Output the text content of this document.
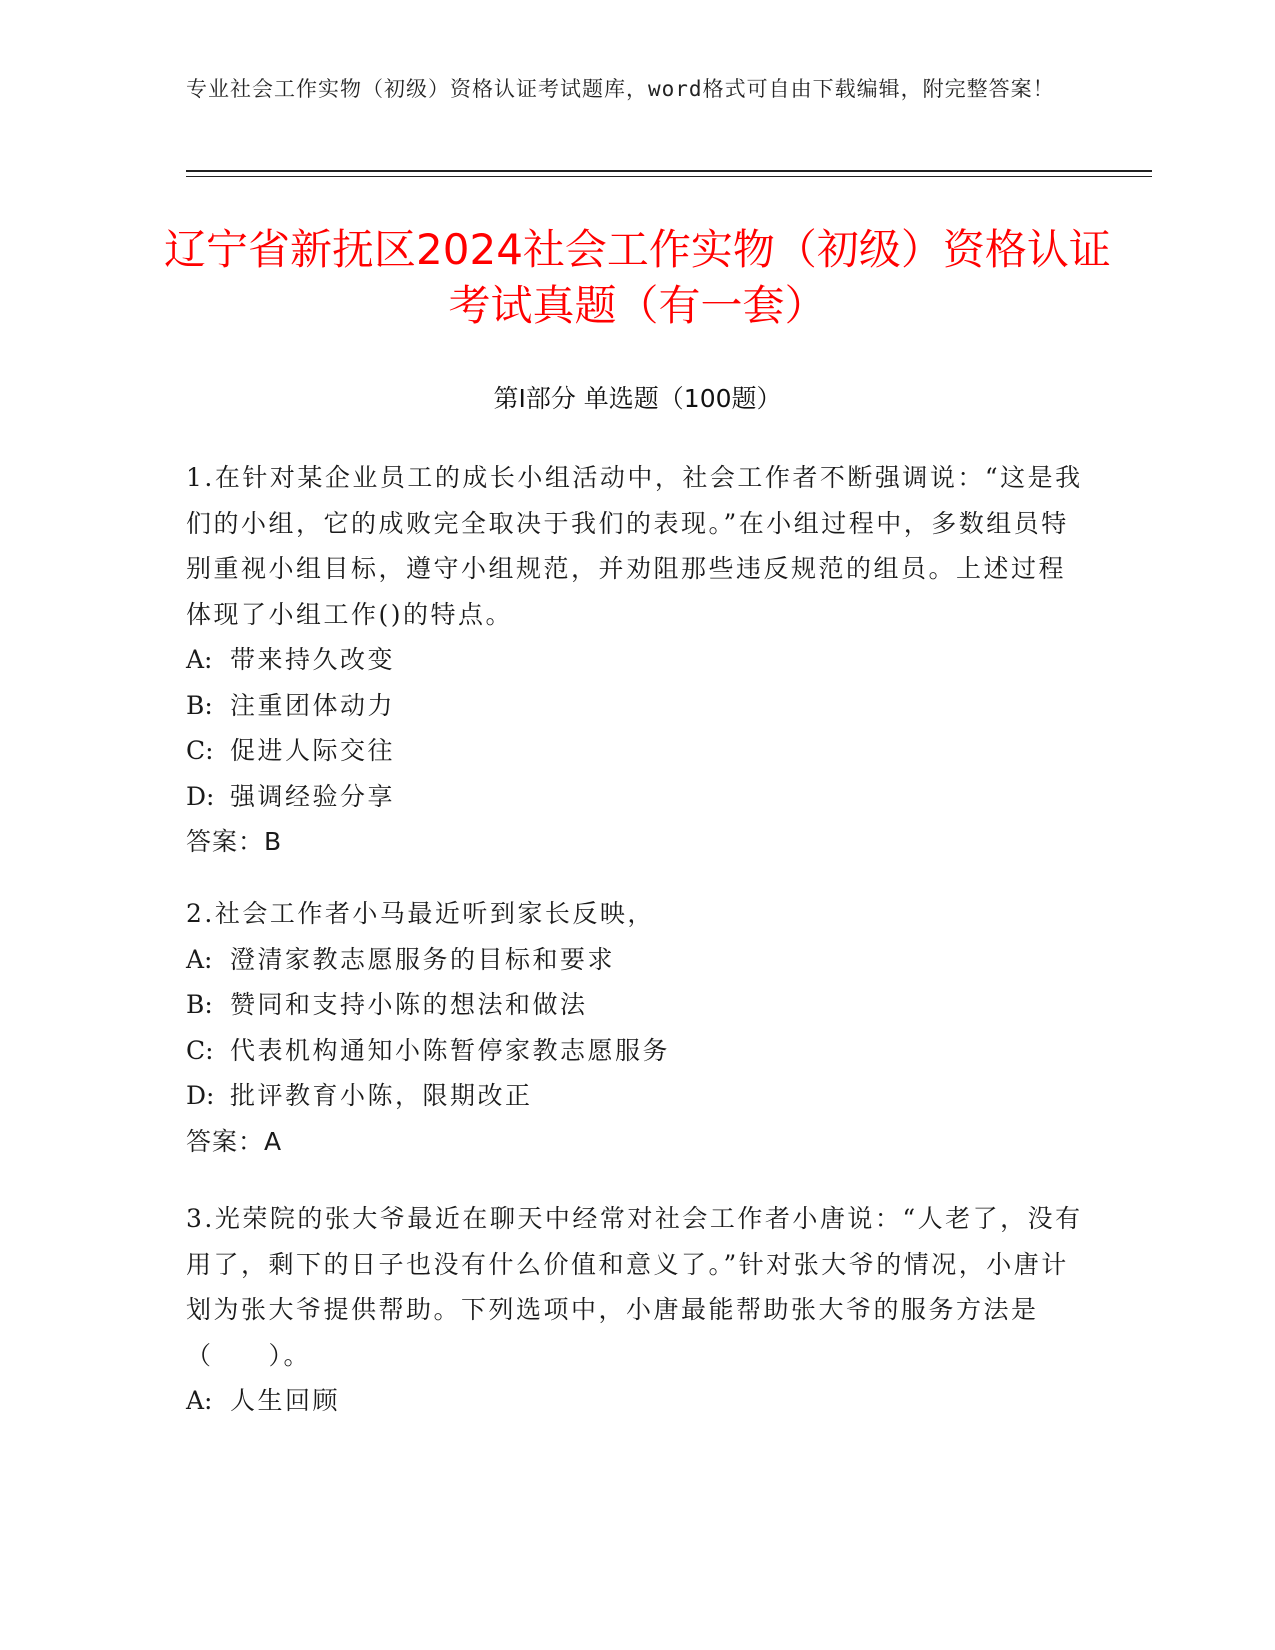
专业社会工作实物（初级）资格认证考试题库，word格式可自由下载编辑，附完整答案！
辽宁省新抚区2024社会工作实物（初级）资格认证考试真题（有一套）
第Ⅰ部分 单选题（100题）

1.在针对某企业员工的成长小组活动中，社会工作者不断强调说：“这是我们的小组，它的成败完全取决于我们的表现。”在小组过程中，多数组员特别重视小组目标，遵守小组规范，并劝阻那些违反规范的组员。上述过程体现了小组工作()的特点。

A: 带来持久改变

B: 注重团体动力

C: 促进人际交往

D: 强调经验分享

答案：B

2.社会工作者小马最近听到家长反映，

A: 澄清家教志愿服务的目标和要求

B: 赞同和支持小陈的想法和做法

C: 代表机构通知小陈暂停家教志愿服务

D: 批评教育小陈，限期改正

答案：A

3.光荣院的张大爷最近在聊天中经常对社会工作者小唐说：“人老了，没有用了，剩下的日子也没有什么价值和意义了。”针对张大爷的情况，小唐计划为张大爷提供帮助。下列选项中，小唐最能帮助张大爷的服务方法是（　　）。

A: 人生回顾
